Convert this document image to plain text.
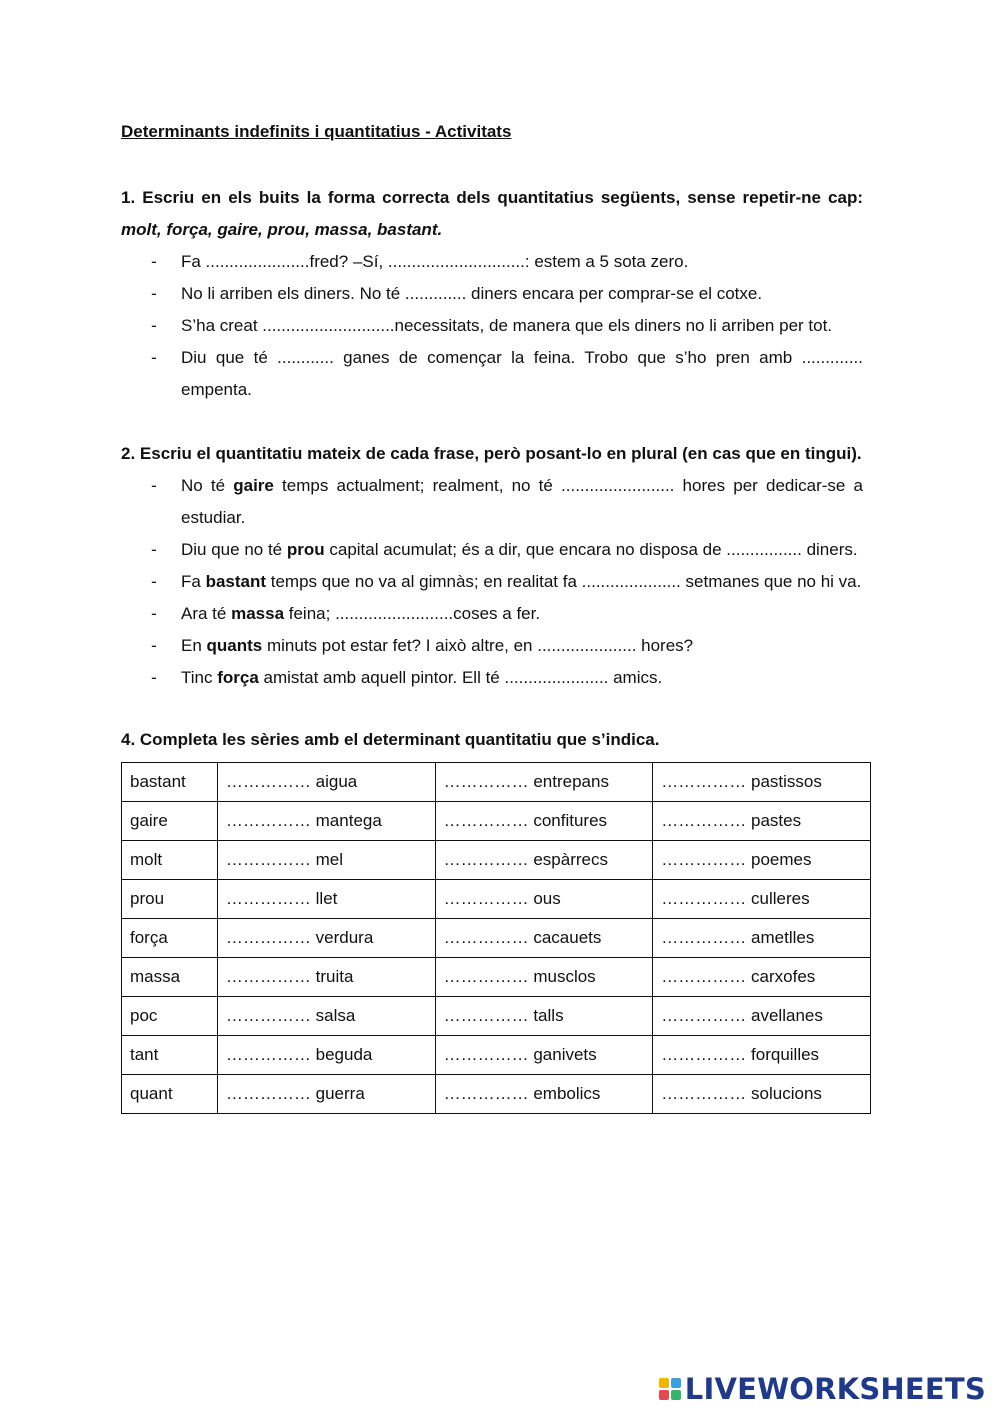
Determinants indefinits i quantitatius - Activitats

1. Escriu en els buits la forma correcta dels quantitatius següents, sense repetir-ne cap: molt, força, gaire, prou, massa, bastant.

- Fa ......................fred? –Sí, .............................: estem a 5 sota zero.
- No li arriben els diners. No té ............. diners encara per comprar-se el cotxe.
- S’ha creat ............................necessitats, de manera que els diners no li arriben per tot.
- Diu que té ............ ganes de començar la feina. Trobo que s’ho pren amb ............. empenta.

2. Escriu el quantitatiu mateix de cada frase, però posant-lo en plural (en cas que en tingui).

- No té gaire temps actualment; realment, no té ........................ hores per dedicar-se a estudiar.
- Diu que no té prou capital acumulat; és a dir, que encara no disposa de ................ diners.
- Fa bastant temps que no va al gimnàs; en realitat fa ..................... setmanes que no hi va.
- Ara té massa feina; .........................coses a fer.
- En quants minuts pot estar fet? I això altre, en ..................... hores?
- Tinc força amistat amb aquell pintor. Ell té ...................... amics.

4. Completa les sèries amb el determinant quantitatiu que s’indica.

bastant	…………… aigua	…………… entrepans	…………… pastissos
gaire	…………… mantega	…………… confitures	…………… pastes
molt	…………… mel	…………… espàrrecs	…………… poemes
prou	…………… llet	…………… ous	…………… culleres
força	…………… verdura	…………… cacauets	…………… ametlles
massa	…………… truita	…………… musclos	…………… carxofes
poc	…………… salsa	…………… talls	…………… avellanes
tant	…………… beguda	…………… ganivets	…………… forquilles
quant	…………… guerra	…………… embolics	…………… solucions
LIVEWORKSHEETS
